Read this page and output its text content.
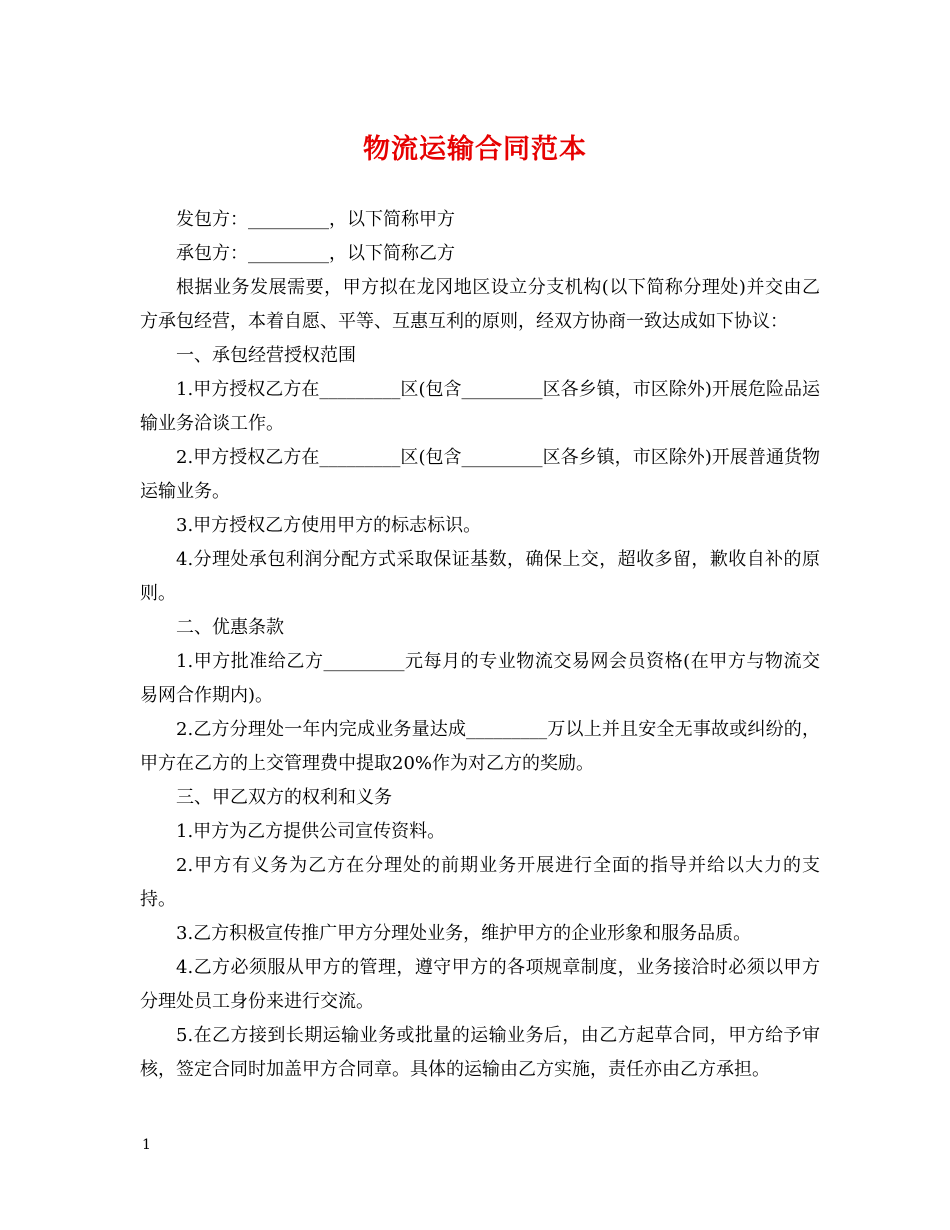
物流运输合同范本

发包方：_________，以下简称甲方

承包方：_________，以下简称乙方

根据业务发展需要，甲方拟在龙冈地区设立分支机构(以下简称分理处)并交由乙方承包经营，本着自愿、平等、互惠互利的原则，经双方协商一致达成如下协议：

一、承包经营授权范围

1.甲方授权乙方在_________区(包含_________区各乡镇，市区除外)开展危险品运输业务洽谈工作。

2.甲方授权乙方在_________区(包含_________区各乡镇，市区除外)开展普通货物运输业务。

3.甲方授权乙方使用甲方的标志标识。

4.分理处承包利润分配方式采取保证基数，确保上交，超收多留，歉收自补的原则。

二、优惠条款

1.甲方批准给乙方_________元每月的专业物流交易网会员资格(在甲方与物流交易网合作期内)。

2.乙方分理处一年内完成业务量达成_________万以上并且安全无事故或纠纷的，甲方在乙方的上交管理费中提取20%作为对乙方的奖励。

三、甲乙双方的权利和义务

1.甲方为乙方提供公司宣传资料。

2.甲方有义务为乙方在分理处的前期业务开展进行全面的指导并给以大力的支持。

3.乙方积极宣传推广甲方分理处业务，维护甲方的企业形象和服务品质。

4.乙方必须服从甲方的管理，遵守甲方的各项规章制度，业务接洽时必须以甲方分理处员工身份来进行交流。

5.在乙方接到长期运输业务或批量的运输业务后，由乙方起草合同，甲方给予审核，签定合同时加盖甲方合同章。具体的运输由乙方实施，责任亦由乙方承担。

1
